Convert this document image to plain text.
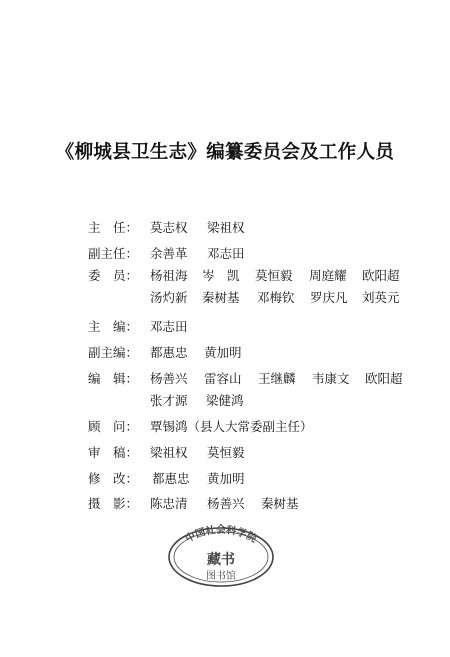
《柳城县卫生志》编纂委员会及工作人员
主　任： 莫志权 梁祖权
副主任： 余善革 邓志田
委　员： 杨祖海 岑　凯 莫恒毅 周庭耀 欧阳超
汤灼新 秦树基 邓梅钦 罗庆凡 刘英元
主　编： 邓志田
副主编： 都惠忠 黄加明
编　辑： 杨善兴 雷容山 王继麟 韦康文 欧阳超
张才源 梁健鸿
顾　问： 覃锡鸿（县人大常委副主任）
审　稿： 梁祖权 莫恒毅
修　改：	都惠忠 黄加明
摄　影： 陈忠清 杨善兴 秦树基
中国社会科学院
藏书
图书馆
